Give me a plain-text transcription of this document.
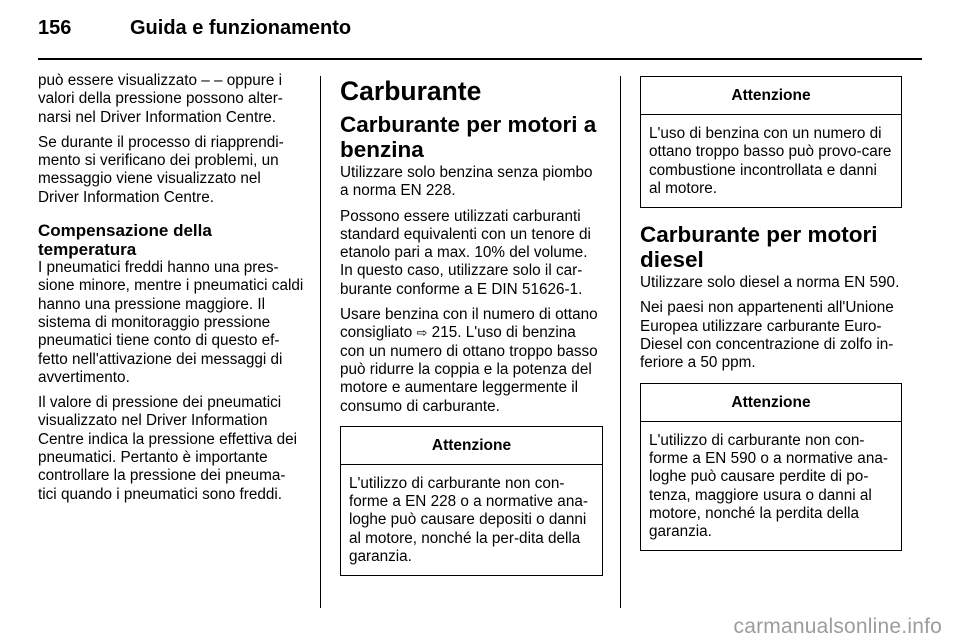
156	Guida e funzionamento

può essere visualizzato – – oppure i valori della pressione possono alter-narsi nel Driver Information Centre.

Se durante il processo di riapprendi-mento si verificano dei problemi, un messaggio viene visualizzato nel Driver Information Centre.

Compensazione della temperatura

I pneumatici freddi hanno una pres-sione minore, mentre i pneumatici caldi hanno una pressione maggiore. Il sistema di monitoraggio pressione pneumatici tiene conto di questo ef-fetto nell'attivazione dei messaggi di avvertimento.

Il valore di pressione dei pneumatici visualizzato nel Driver Information Centre indica la pressione effettiva dei pneumatici. Pertanto è importante controllare la pressione dei pneuma-tici quando i pneumatici sono freddi.

Carburante
Carburante per motori a benzina

Utilizzare solo benzina senza piombo a norma EN 228.

Possono essere utilizzati carburanti standard equivalenti con un tenore di etanolo pari a max. 10% del volume. In questo caso, utilizzare solo il car-burante conforme a E DIN 51626-1.

Usare benzina con il numero di ottano consigliato ⇨ 215. L'uso di benzina con un numero di ottano troppo basso può ridurre la coppia e la potenza del motore e aumentare leggermente il consumo di carburante.

Attenzione
L'utilizzo di carburante non con-forme a EN 228 o a normative ana-loghe può causare depositi o danni al motore, nonché la per-dita della garanzia.
Attenzione
L'uso di benzina con un numero di ottano troppo basso può provo-care combustione incontrollata e danni al motore.
Carburante per motori diesel

Utilizzare solo diesel a norma EN 590.

Nei paesi non appartenenti all'Unione Europea utilizzare carburante Euro-Diesel con concentrazione di zolfo in-feriore a 50 ppm.

Attenzione
L'utilizzo di carburante non con-forme a EN 590 o a normative ana-loghe può causare perdite di po-tenza, maggiore usura o danni al motore, nonché la perdita della garanzia.
carmanualsonline.info
